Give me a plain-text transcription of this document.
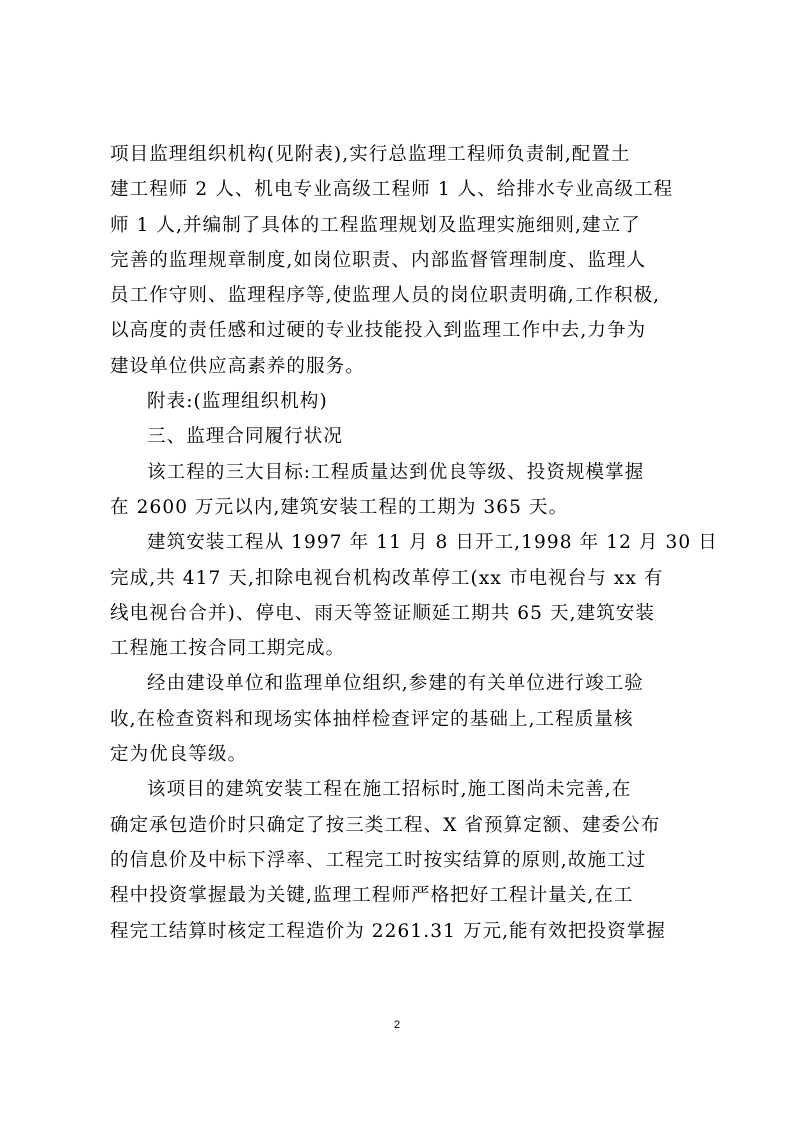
项目监理组织机构(见附表),实行总监理工程师负责制,配置土
建工程师 2 人、机电专业高级工程师 1 人、给排水专业高级工程
师 1 人,并编制了具体的工程监理规划及监理实施细则,建立了
完善的监理规章制度,如岗位职责、内部监督管理制度、监理人
员工作守则、监理程序等,使监理人员的岗位职责明确,工作积极,
以高度的责任感和过硬的专业技能投入到监理工作中去,力争为
建设单位供应高素养的服务。
附表:(监理组织机构)
三、监理合同履行状况
该工程的三大目标:工程质量达到优良等级、投资规模掌握
在 2600 万元以内,建筑安装工程的工期为 365 天。
建筑安装工程从 1997 年 11 月 8 日开工,1998 年 12 月 30 日
完成,共 417 天,扣除电视台机构改革停工(xx 市电视台与 xx 有
线电视台合并)、停电、雨天等签证顺延工期共 65 天,建筑安装
工程施工按合同工期完成。
经由建设单位和监理单位组织,参建的有关单位进行竣工验
收,在检查资料和现场实体抽样检查评定的基础上,工程质量核
定为优良等级。
该项目的建筑安装工程在施工招标时,施工图尚未完善,在
确定承包造价时只确定了按三类工程、X 省预算定额、建委公布
的信息价及中标下浮率、工程完工时按实结算的原则,故施工过
程中投资掌握最为关键,监理工程师严格把好工程计量关,在工
程完工结算时核定工程造价为 2261.31 万元,能有效把投资掌握
2
